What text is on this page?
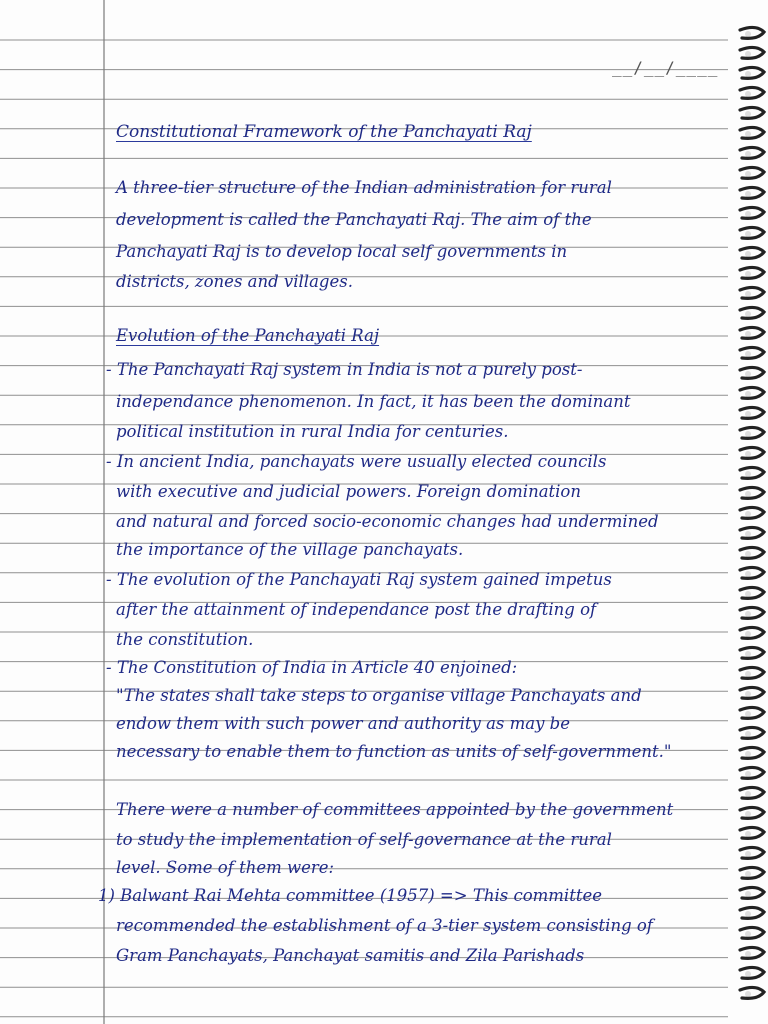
__/__/____
Constitutional Framework of the Panchayati Raj
A three-tier structure of the Indian administration for rural
development is called the Panchayati Raj. The aim of the
Panchayati Raj is to develop local self governments in
districts, zones and villages.
Evolution of the Panchayati Raj
- The Panchayati Raj system in India is not a purely post-
independance phenomenon. In fact, it has been the dominant
political institution in rural India for centuries.
- In ancient India, panchayats were usually elected councils
with executive and judicial powers. Foreign domination
and natural and forced socio-economic changes had undermined
the importance of the village panchayats.
- The evolution of the Panchayati Raj system gained impetus
after the attainment of independance post the drafting of
the constitution.
- The Constitution of India in Article 40 enjoined:
"The states shall take steps to organise village Panchayats and
endow them with such power and authority as may be
necessary to enable them to function as units of self-government."
There were a number of committees appointed by the government
to study the implementation of self-governance at the rural
level. Some of them were:
1) Balwant Rai Mehta committee (1957) => This committee
recommended the establishment of a 3-tier system consisting of
Gram Panchayats, Panchayat samitis and Zila Parishads
